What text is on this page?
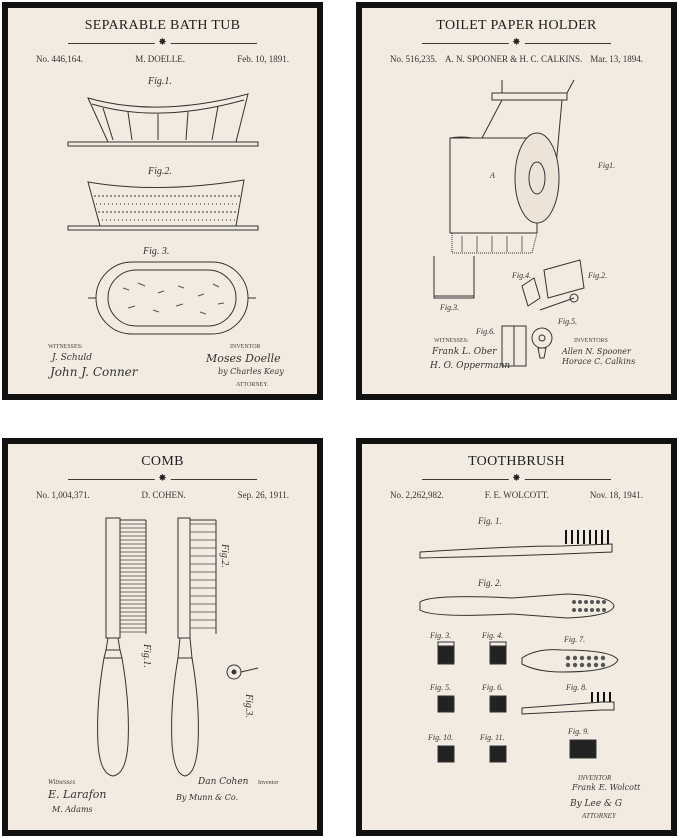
SEPARABLE BATH TUB
✸
No. 446,164.	M. DOELLE.	Feb. 10, 1891.
Fig.1.
Fig.2.
Fig. 3.
WITNESSES:
J. Schuld
John J. Conner
INVENTOR
Moses Doelle
by Charles Keay
ATTORNEY.
TOILET PAPER HOLDER
✸
No. 516,235. A. N. SPOONER & H. C. CALKINS. Mar. 13, 1894.
A
Fig1.
Fig.2.
Fig.3.
Fig.4.
Fig.5.
Fig.6.
WITNESSES:
Frank L. Ober
H. O. Oppermann
INVENTORS
Allen N. Spooner
Horace C. Calkins
COMB
✸
No. 1,004,371.	D. COHEN.	Sep. 26, 1911.
Fig.1.
Fig.2.
Fig.3.
Witnesses
E. Larafon
M. Adams
Inventor
Dan Cohen
By Munn & Co.
TOOTHBRUSH
✸
No. 2,262,982.	F. E. WOLCOTT.	Nov. 18, 1941.
Fig. 1.
Fig. 2.
Fig. 3.	Fig. 4.	Fig. 7.
Fig. 5.	Fig. 6.	Fig. 8.
Fig. 9.
Fig. 10.	Fig. 11.
INVENTOR
Frank E. Wolcott
By Lee & G
ATTORNEY
